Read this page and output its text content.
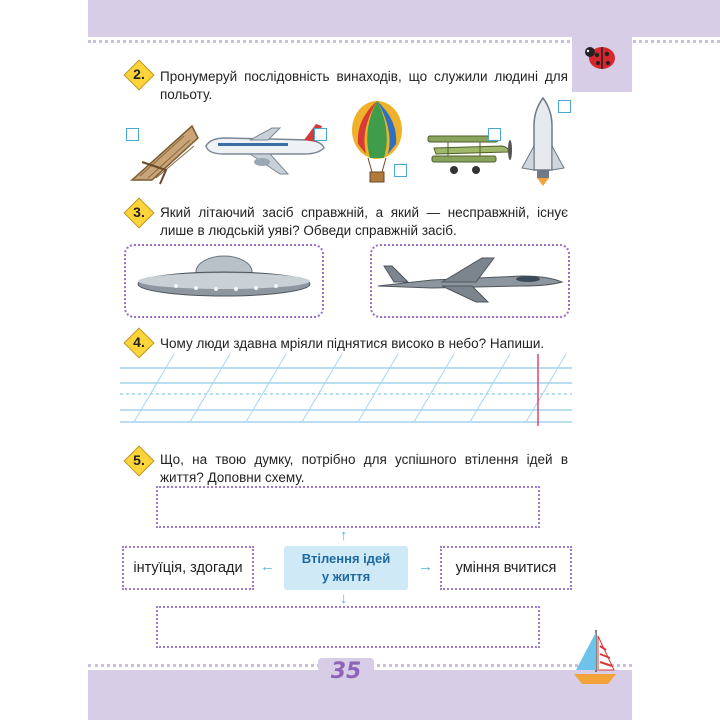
35
2.	Пронумеруй послідовність винаходів, що служили людині для польоту.
3.	Який літаючий засіб справжній, а який — несправжній, існує лише в людській уяві? Обведи справжній засіб.
4.	Чому люди здавна мріяли піднятися високо в небо? Напиши.
5.	Що, на твою думку, потрібно для успішного втілення ідей в життя? Доповни схему.
↑
інтуїція, здогади	←	Втілення ідей
у життя
→	уміння вчитися
↓
